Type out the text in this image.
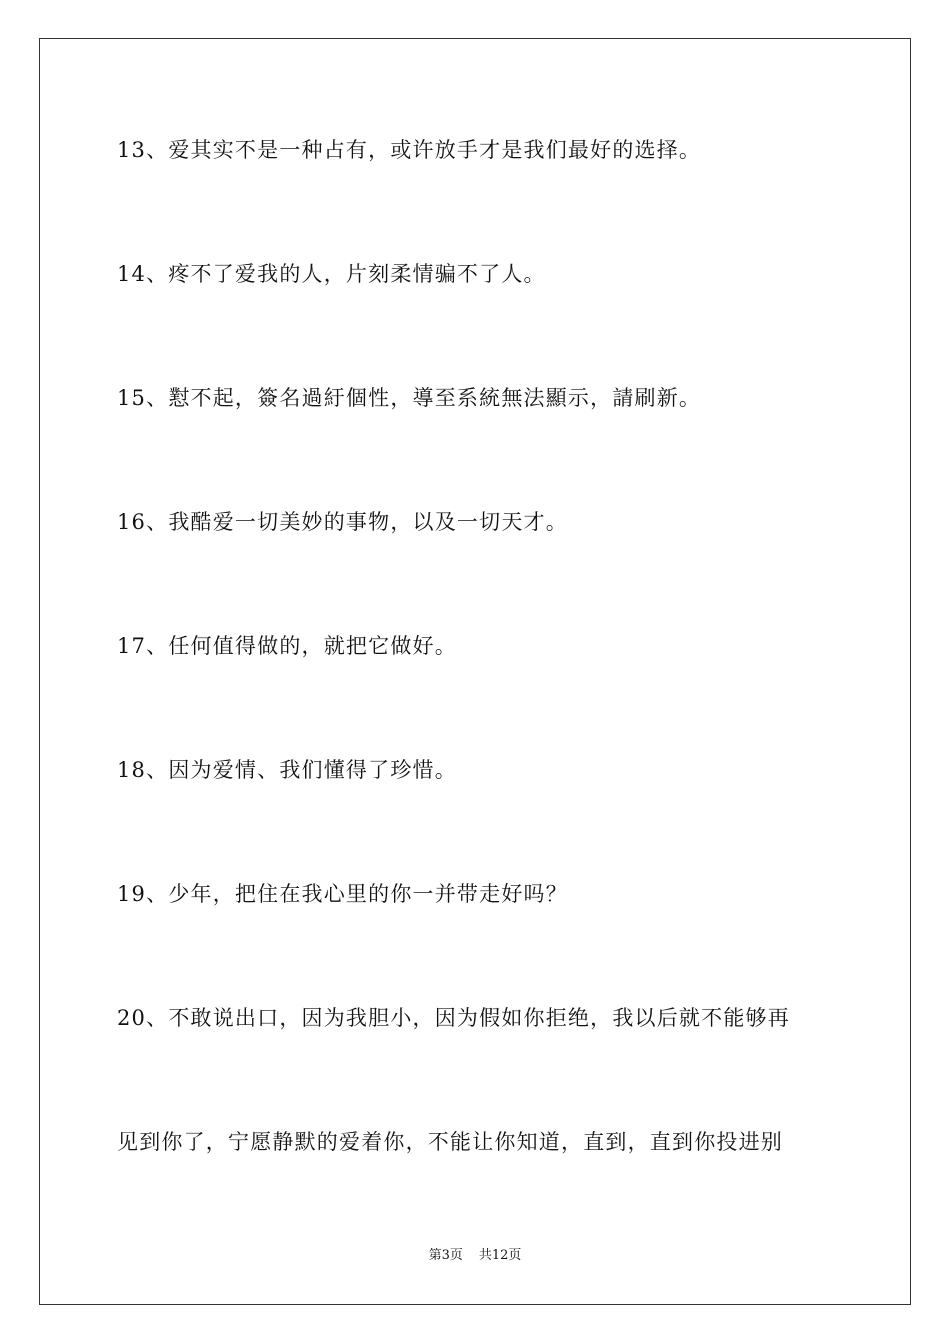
13、爱其实不是一种占有，或许放手才是我们最好的选择。
14、疼不了爱我的人，片刻柔情骗不了人。
15、懟不起，簽名過紆個性，導至系統無法顯示，請刷新。
16、我酷爱一切美妙的事物，以及一切天才。
17、任何值得做的，就把它做好。
18、因为爱情、我们懂得了珍惜。
19、少年，把住在我心里的你一并带走好吗？
20、不敢说出口，因为我胆小，因为假如你拒绝，我以后就不能够再
见到你了，宁愿静默的爱着你，不能让你知道，直到，直到你投进别
第3页 共12页
